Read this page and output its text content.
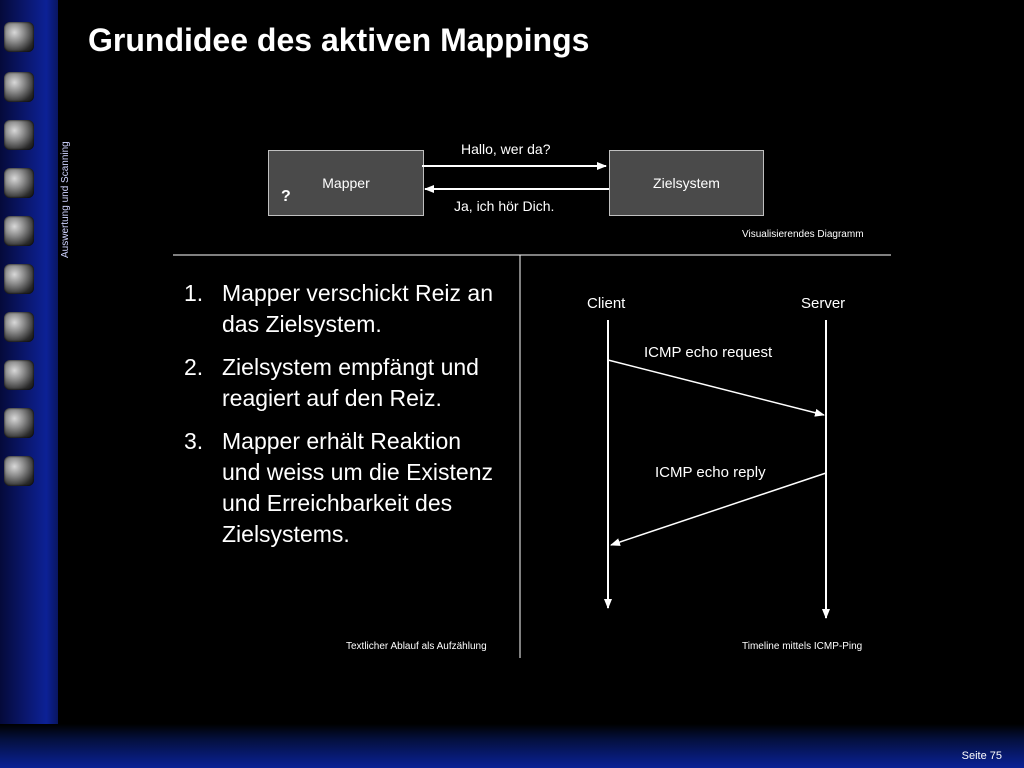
Auswertung und Scanning
Grundidee des aktiven Mappings
Mapper
?
Zielsystem
Hallo, wer da?
Ja, ich hör Dich.
Visualisierendes Diagramm
1. Mapper verschickt Reiz an das Zielsystem.
2. Zielsystem empfängt und reagiert auf den Reiz.
3. Mapper erhält Reaktion und weiss um die Existenz und Erreichbarkeit des Zielsystems.
Textlicher Ablauf als Aufzählung
Client	Server
ICMP echo request
ICMP echo reply
Timeline mittels ICMP-Ping
Seite 75
